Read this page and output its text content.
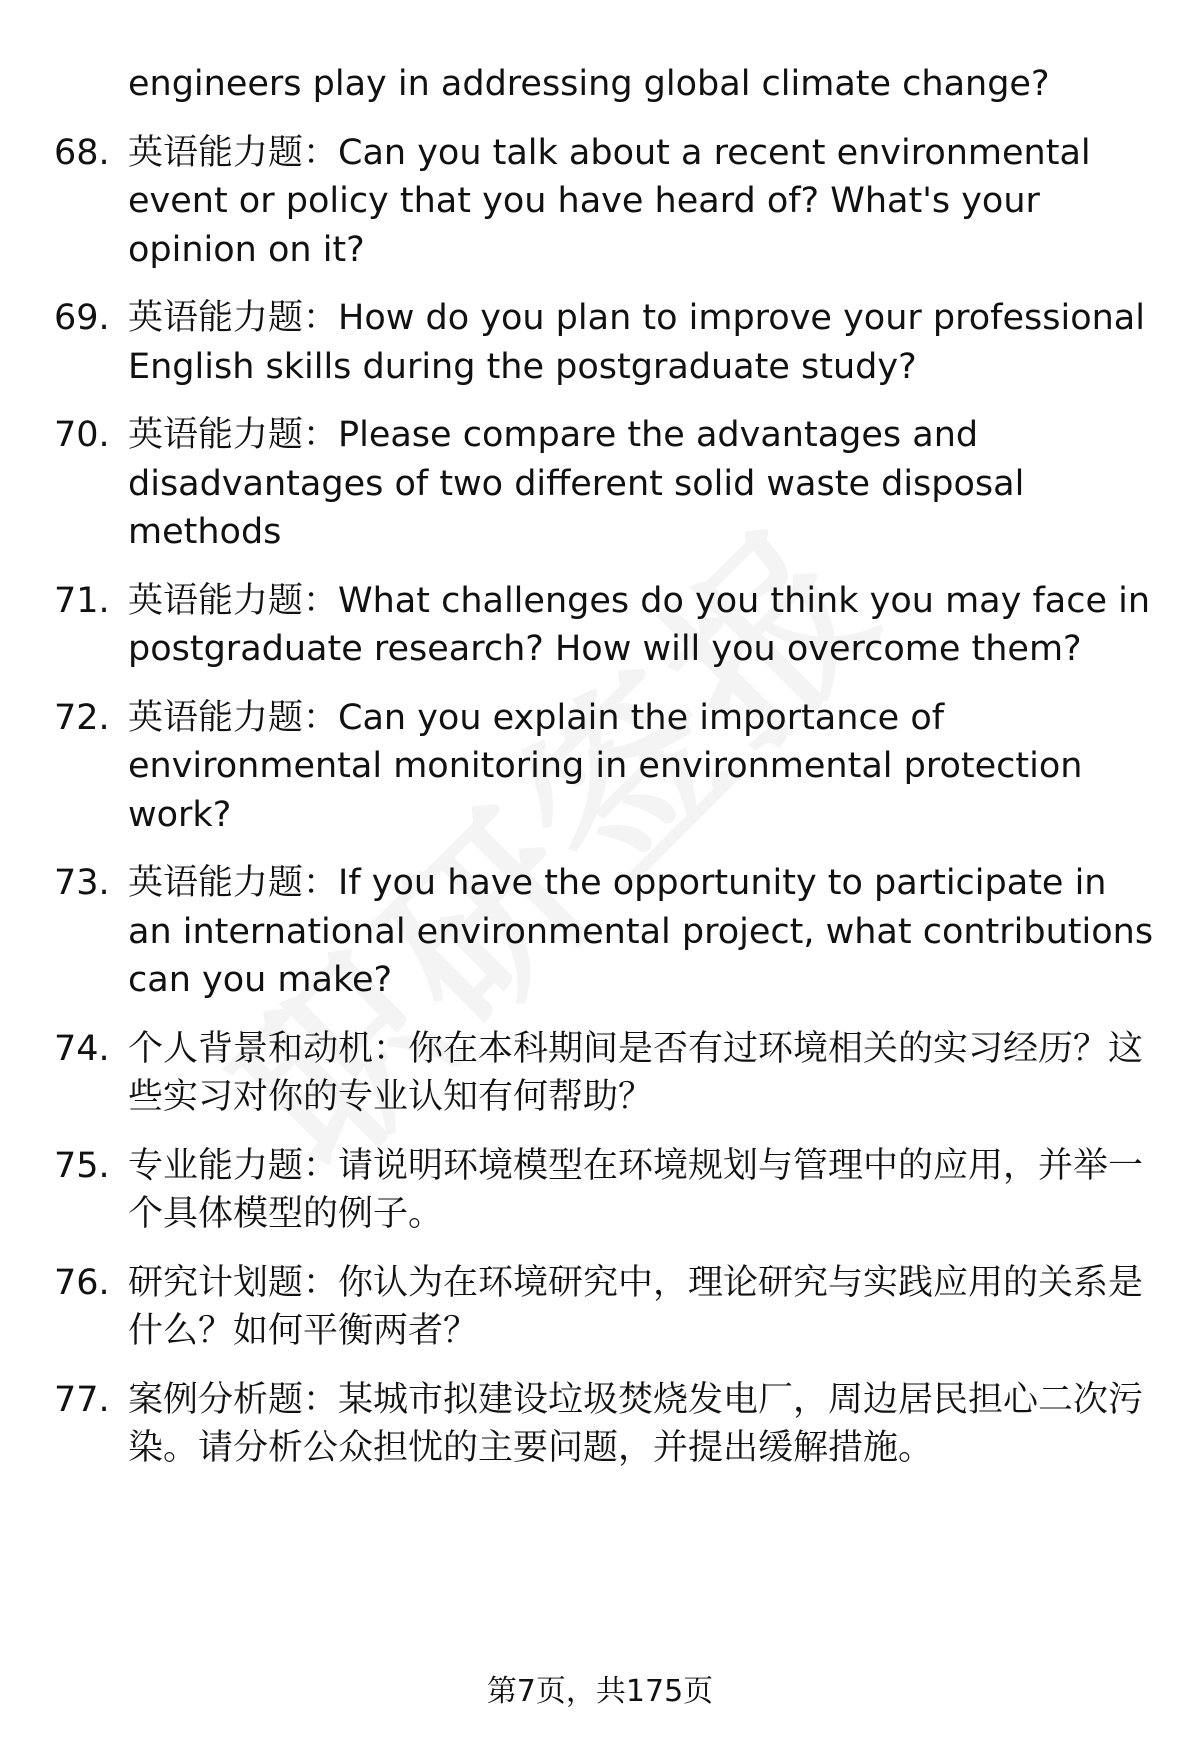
engineers play in addressing global climate change?
68. 英语能力题：Can you talk about a recent environmental event or policy that you have heard of? What's your opinion on it?
69. 英语能力题：How do you plan to improve your professional English skills during the postgraduate study?
70. 英语能力题：Please compare the advantages and disadvantages of two different solid waste disposal methods
71. 英语能力题：What challenges do you think you may face in postgraduate research? How will you overcome them?
72. 英语能力题：Can you explain the importance of environmental monitoring in environmental protection work?
73. 英语能力题：If you have the opportunity to participate in an international environmental project, what contributions can you make?
74. 个人背景和动机：你在本科期间是否有过环境相关的实习经历？这些实习对你的专业认知有何帮助？
75. 专业能力题：请说明环境模型在环境规划与管理中的应用，并举一个具体模型的例子。
76. 研究计划题：你认为在环境研究中，理论研究与实践应用的关系是什么？如何平衡两者？
77. 案例分析题：某城市拟建设垃圾焚烧发电厂，周边居民担心二次污染。请分析公众担忧的主要问题，并提出缓解措施。
第7页，共175页
